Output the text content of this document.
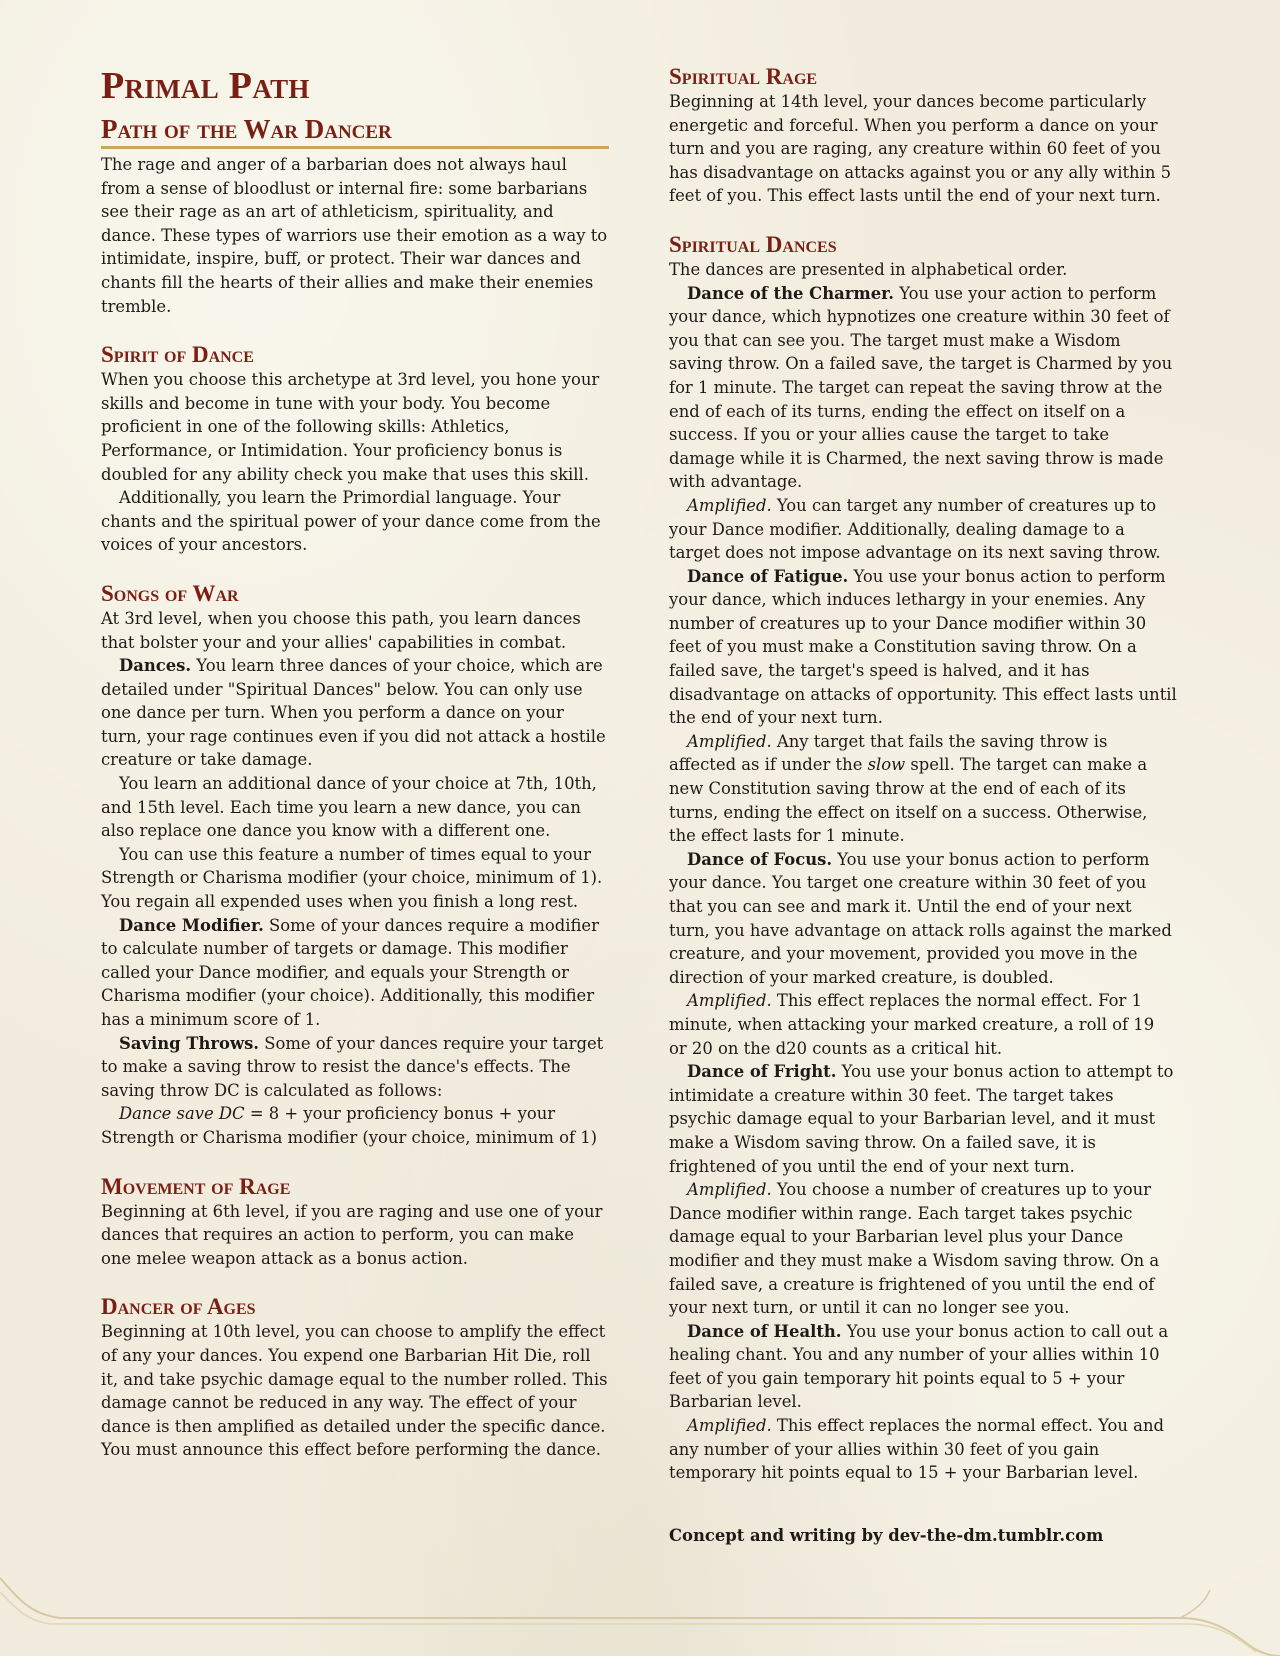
Primal Path
Path of the War Dancer

The rage and anger of a barbarian does not always haul from a sense of bloodlust or internal fire: some barbarians see their rage as an art of athleticism, spirituality, and dance. These types of warriors use their emotion as a way to intimidate, inspire, buff, or protect. Their war dances and chants fill the hearts of their allies and make their enemies tremble.

Spirit of Dance

When you choose this archetype at 3rd level, you hone your skills and become in tune with your body. You become proficient in one of the following skills: Athletics, Performance, or Intimidation. Your proficiency bonus is doubled for any ability check you make that uses this skill.

Additionally, you learn the Primordial language. Your chants and the spiritual power of your dance come from the voices of your ancestors.

Songs of War

At 3rd level, when you choose this path, you learn dances that bolster your and your allies' capabilities in combat.

Dances. You learn three dances of your choice, which are detailed under "Spiritual Dances" below. You can only use one dance per turn. When you perform a dance on your turn, your rage continues even if you did not attack a hostile creature or take damage.

You learn an additional dance of your choice at 7th, 10th, and 15th level. Each time you learn a new dance, you can also replace one dance you know with a different one.

You can use this feature a number of times equal to your Strength or Charisma modifier (your choice, minimum of 1). You regain all expended uses when you finish a long rest.

Dance Modifier. Some of your dances require a modifier to calculate number of targets or damage. This modifier called your Dance modifier, and equals your Strength or Charisma modifier (your choice). Additionally, this modifier has a minimum score of 1.

Saving Throws. Some of your dances require your target to make a saving throw to resist the dance's effects. The saving throw DC is calculated as follows:

Dance save DC = 8 + your proficiency bonus + your Strength or Charisma modifier (your choice, minimum of 1)

Movement of Rage

Beginning at 6th level, if you are raging and use one of your dances that requires an action to perform, you can make one melee weapon attack as a bonus action.

Dancer of Ages

Beginning at 10th level, you can choose to amplify the effect of any your dances. You expend one Barbarian Hit Die, roll it, and take psychic damage equal to the number rolled. This damage cannot be reduced in any way. The effect of your dance is then amplified as detailed under the specific dance. You must announce this effect before performing the dance.

Spiritual Rage

Beginning at 14th level, your dances become particularly energetic and forceful. When you perform a dance on your turn and you are raging, any creature within 60 feet of you has disadvantage on attacks against you or any ally within 5 feet of you. This effect lasts until the end of your next turn.

Spiritual Dances

The dances are presented in alphabetical order.

Dance of the Charmer. You use your action to perform your dance, which hypnotizes one creature within 30 feet of you that can see you. The target must make a Wisdom saving throw. On a failed save, the target is Charmed by you for 1 minute. The target can repeat the saving throw at the end of each of its turns, ending the effect on itself on a success. If you or your allies cause the target to take damage while it is Charmed, the next saving throw is made with advantage.

Amplified. You can target any number of creatures up to your Dance modifier. Additionally, dealing damage to a target does not impose advantage on its next saving throw.

Dance of Fatigue. You use your bonus action to perform your dance, which induces lethargy in your enemies. Any number of creatures up to your Dance modifier within 30 feet of you must make a Constitution saving throw. On a failed save, the target's speed is halved, and it has disadvantage on attacks of opportunity. This effect lasts until the end of your next turn.

Amplified. Any target that fails the saving throw is affected as if under the slow spell. The target can make a new Constitution saving throw at the end of each of its turns, ending the effect on itself on a success. Otherwise, the effect lasts for 1 minute.

Dance of Focus. You use your bonus action to perform your dance. You target one creature within 30 feet of you that you can see and mark it. Until the end of your next turn, you have advantage on attack rolls against the marked creature, and your movement, provided you move in the direction of your marked creature, is doubled.

Amplified. This effect replaces the normal effect. For 1 minute, when attacking your marked creature, a roll of 19 or 20 on the d20 counts as a critical hit.

Dance of Fright. You use your bonus action to attempt to intimidate a creature within 30 feet. The target takes psychic damage equal to your Barbarian level, and it must make a Wisdom saving throw. On a failed save, it is frightened of you until the end of your next turn.

Amplified. You choose a number of creatures up to your Dance modifier within range. Each target takes psychic damage equal to your Barbarian level plus your Dance modifier and they must make a Wisdom saving throw. On a failed save, a creature is frightened of you until the end of your next turn, or until it can no longer see you.

Dance of Health. You use your bonus action to call out a healing chant. You and any number of your allies within 10 feet of you gain temporary hit points equal to 5 + your Barbarian level.

Amplified. This effect replaces the normal effect. You and any number of your allies within 30 feet of you gain temporary hit points equal to 15 + your Barbarian level.

Concept and writing by dev-the-dm.tumblr.com
